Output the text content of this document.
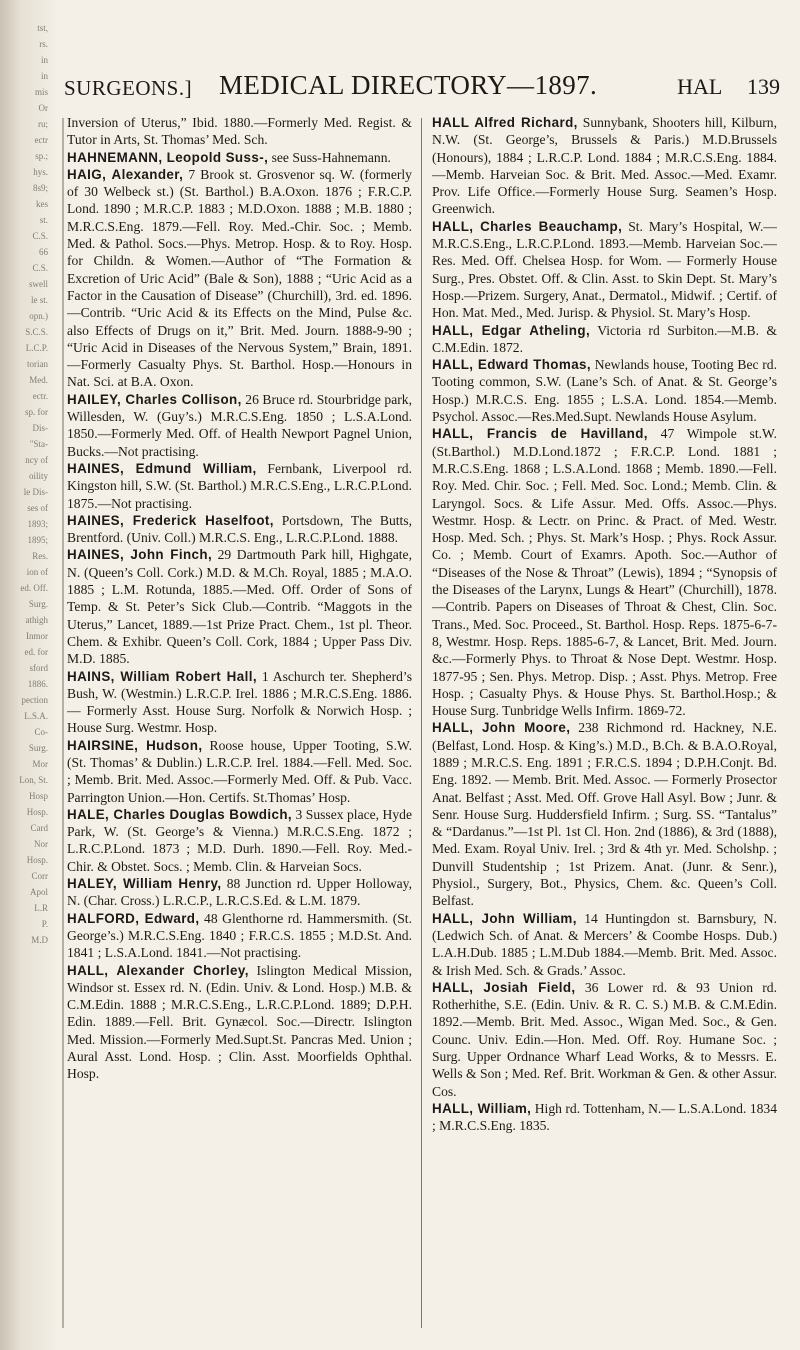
tst,
rs.
in
in
mis
Or
ru;
ectr
sp.;
hys.
8s9;
kes
st.
C.S.
66
C.S.
swell
le st.
opn.)
S.C.S.
L.C.P.
torian
Med.
ectr.
sp. for
Dis-
"Sta-
ncy of
oility
le Dis-
ses of
1893;
1895;
Res.
ion of
ed. Off.
Surg.
athigh
Inmor
ed. for
sford
1886.
pection
L.S.A.
Co-
Surg.
Mor
Lon, St.
Hosp
Hosp.
Card
Nor
Hosp.
Corr
Apol
L.R
P.
M.D
SURGEONS.] MEDICAL DIRECTORY—1897.	HAL 139

Inversion of Uterus,” Ibid. 1880.—Formerly Med. Regist. & Tutor in Arts, St. Thomas’ Med. Sch.

HAHNEMANN, Leopold Suss-, see Suss-Hahnemann.

HAIG, Alexander, 7 Brook st. Grosvenor sq. W. (formerly of 30 Welbeck st.) (St. Barthol.) B.A.Oxon. 1876 ; F.R.C.P. Lond. 1890 ; M.R.C.P. 1883 ; M.D.Oxon. 1888 ; M.B. 1880 ; M.R.C.S.Eng. 1879.—Fell. Roy. Med.-Chir. Soc. ; Memb. Med. & Pathol. Socs.—Phys. Metrop. Hosp. & to Roy. Hosp. for Childn. & Women.—Author of “The Formation & Excretion of Uric Acid” (Bale & Son), 1888 ; “Uric Acid as a Factor in the Causation of Disease” (Churchill), 3rd. ed. 1896. —Contrib. “Uric Acid & its Effects on the Mind, Pulse &c. also Effects of Drugs on it,” Brit. Med. Journ. 1888-9-90 ; “Uric Acid in Diseases of the Nervous System,” Brain, 1891.—Formerly Casualty Phys. St. Barthol. Hosp.—Honours in Nat. Sci. at B.A. Oxon.

HAILEY, Charles Collison, 26 Bruce rd. Stourbridge park, Willesden, W. (Guy’s.) M.R.C.S.Eng. 1850 ; L.S.A.Lond. 1850.—Formerly Med. Off. of Health Newport Pagnel Union, Bucks.—Not practising.

HAINES, Edmund William, Fernbank, Liverpool rd. Kingston hill, S.W. (St. Barthol.) M.R.C.S.Eng., L.R.C.P.Lond. 1875.—Not practising.

HAINES, Frederick Haselfoot, Portsdown, The Butts, Brentford. (Univ. Coll.) M.R.C.S. Eng., L.R.C.P.Lond. 1888.

HAINES, John Finch, 29 Dartmouth Park hill, Highgate, N. (Queen’s Coll. Cork.) M.D. & M.Ch. Royal, 1885 ; M.A.O. 1885 ; L.M. Rotunda, 1885.—Med. Off. Order of Sons of Temp. & St. Peter’s Sick Club.—Contrib. “Maggots in the Uterus,” Lancet, 1889.—1st Prize Pract. Chem., 1st pl. Theor. Chem. & Exhibr. Queen’s Coll. Cork, 1884 ; Upper Pass Div. M.D. 1885.

HAINS, William Robert Hall, 1 Aschurch ter. Shepherd’s Bush, W. (Westmin.) L.R.C.P. Irel. 1886 ; M.R.C.S.Eng. 1886. — Formerly Asst. House Surg. Norfolk & Norwich Hosp. ; House Surg. Westmr. Hosp.

HAIRSINE, Hudson, Roose house, Upper Tooting, S.W. (St. Thomas’ & Dublin.) L.R.C.P. Irel. 1884.—Fell. Med. Soc. ; Memb. Brit. Med. Assoc.—Formerly Med. Off. & Pub. Vacc. Parrington Union.—Hon. Certifs. St.Thomas’ Hosp.

HALE, Charles Douglas Bowdich, 3 Sussex place, Hyde Park, W. (St. George’s & Vienna.) M.R.C.S.Eng. 1872 ; L.R.C.P.Lond. 1873 ; M.D. Durh. 1890.—Fell. Roy. Med.-Chir. & Obstet. Socs. ; Memb. Clin. & Harveian Socs.

HALEY, William Henry, 88 Junction rd. Upper Holloway, N. (Char. Cross.) L.R.C.P., L.R.C.S.Ed. & L.M. 1879.

HALFORD, Edward, 48 Glenthorne rd. Hammersmith. (St. George’s.) M.R.C.S.Eng. 1840 ; F.R.C.S. 1855 ; M.D.St. And. 1841 ; L.S.A.Lond. 1841.—Not practising.

HALL, Alexander Chorley, Islington Medical Mission, Windsor st. Essex rd. N. (Edin. Univ. & Lond. Hosp.) M.B. & C.M.Edin. 1888 ; M.R.C.S.Eng., L.R.C.P.Lond. 1889; D.P.H. Edin. 1889.—Fell. Brit. Gynæcol. Soc.—Directr. Islington Med. Mission.—Formerly Med.Supt.St. Pancras Med. Union ; Aural Asst. Lond. Hosp. ; Clin. Asst. Moorfields Ophthal. Hosp.

HALL Alfred Richard, Sunnybank, Shooters hill, Kilburn, N.W. (St. George’s, Brussels & Paris.) M.D.Brussels (Honours), 1884 ; L.R.C.P. Lond. 1884 ; M.R.C.S.Eng. 1884.—Memb. Harveian Soc. & Brit. Med. Assoc.—Med. Examr. Prov. Life Office.—Formerly House Surg. Seamen’s Hosp. Greenwich.

HALL, Charles Beauchamp, St. Mary’s Hospital, W.—M.R.C.S.Eng., L.R.C.P.Lond. 1893.—Memb. Harveian Soc.—Res. Med. Off. Chelsea Hosp. for Wom. — Formerly House Surg., Pres. Obstet. Off. & Clin. Asst. to Skin Dept. St. Mary’s Hosp.—Prizem. Surgery, Anat., Dermatol., Midwif. ; Certif. of Hon. Mat. Med., Med. Jurisp. & Physiol. St. Mary’s Hosp.

HALL, Edgar Atheling, Victoria rd Surbiton.—M.B. & C.M.Edin. 1872.

HALL, Edward Thomas, Newlands house, Tooting Bec rd. Tooting common, S.W. (Lane’s Sch. of Anat. & St. George’s Hosp.) M.R.C.S. Eng. 1855 ; L.S.A. Lond. 1854.—Memb. Psychol. Assoc.—Res.Med.Supt. Newlands House Asylum.

HALL, Francis de Havilland, 47 Wimpole st.W. (St.Barthol.) M.D.Lond.1872 ; F.R.C.P. Lond. 1881 ; M.R.C.S.Eng. 1868 ; L.S.A.Lond. 1868 ; Memb. 1890.—Fell. Roy. Med. Chir. Soc. ; Fell. Med. Soc. Lond.; Memb. Clin. & Laryngol. Socs. & Life Assur. Med. Offs. Assoc.—Phys. Westmr. Hosp. & Lectr. on Princ. & Pract. of Med. Westr. Hosp. Med. Sch. ; Phys. St. Mark’s Hosp. ; Phys. Rock Assur. Co. ; Memb. Court of Examrs. Apoth. Soc.—Author of “Diseases of the Nose & Throat” (Lewis), 1894 ; “Synopsis of the Diseases of the Larynx, Lungs & Heart” (Churchill), 1878.—Contrib. Papers on Diseases of Throat & Chest, Clin. Soc. Trans., Med. Soc. Proceed., St. Barthol. Hosp. Reps. 1875-6-7-8, Westmr. Hosp. Reps. 1885-6-7, & Lancet, Brit. Med. Journ. &c.—Formerly Phys. to Throat & Nose Dept. Westmr. Hosp. 1877-95 ; Sen. Phys. Metrop. Disp. ; Asst. Phys. Metrop. Free Hosp. ; Casualty Phys. & House Phys. St. Barthol.Hosp.; & House Surg. Tunbridge Wells Infirm. 1869-72.

HALL, John Moore, 238 Richmond rd. Hackney, N.E. (Belfast, Lond. Hosp. & King’s.) M.D., B.Ch. & B.A.O.Royal, 1889 ; M.R.C.S. Eng. 1891 ; F.R.C.S. 1894 ; D.P.H.Conjt. Bd. Eng. 1892. — Memb. Brit. Med. Assoc. — Formerly Prosector Anat. Belfast ; Asst. Med. Off. Grove Hall Asyl. Bow ; Junr. & Senr. House Surg. Huddersfield Infirm. ; Surg. SS. “Tantalus” & “Dardanus.”—1st Pl. 1st Cl. Hon. 2nd (1886), & 3rd (1888), Med. Exam. Royal Univ. Irel. ; 3rd & 4th yr. Med. Scholshp. ; Dunvill Studentship ; 1st Prizem. Anat. (Junr. & Senr.), Physiol., Surgery, Bot., Physics, Chem. &c. Queen’s Coll. Belfast.

HALL, John William, 14 Huntingdon st. Barnsbury, N. (Ledwich Sch. of Anat. & Mercers’ & Coombe Hosps. Dub.) L.A.H.Dub. 1885 ; L.M.Dub 1884.—Memb. Brit. Med. Assoc. & Irish Med. Sch. & Grads.’ Assoc.

HALL, Josiah Field, 36 Lower rd. & 93 Union rd. Rotherhithe, S.E. (Edin. Univ. & R. C. S.) M.B. & C.M.Edin. 1892.—Memb. Brit. Med. Assoc., Wigan Med. Soc., & Gen. Counc. Univ. Edin.—Hon. Med. Off. Roy. Humane Soc. ; Surg. Upper Ordnance Wharf Lead Works, & to Messrs. E. Wells & Son ; Med. Ref. Brit. Workman & Gen. & other Assur. Cos.

HALL, William, High rd. Tottenham, N.— L.S.A.Lond. 1834 ; M.R.C.S.Eng. 1835.
